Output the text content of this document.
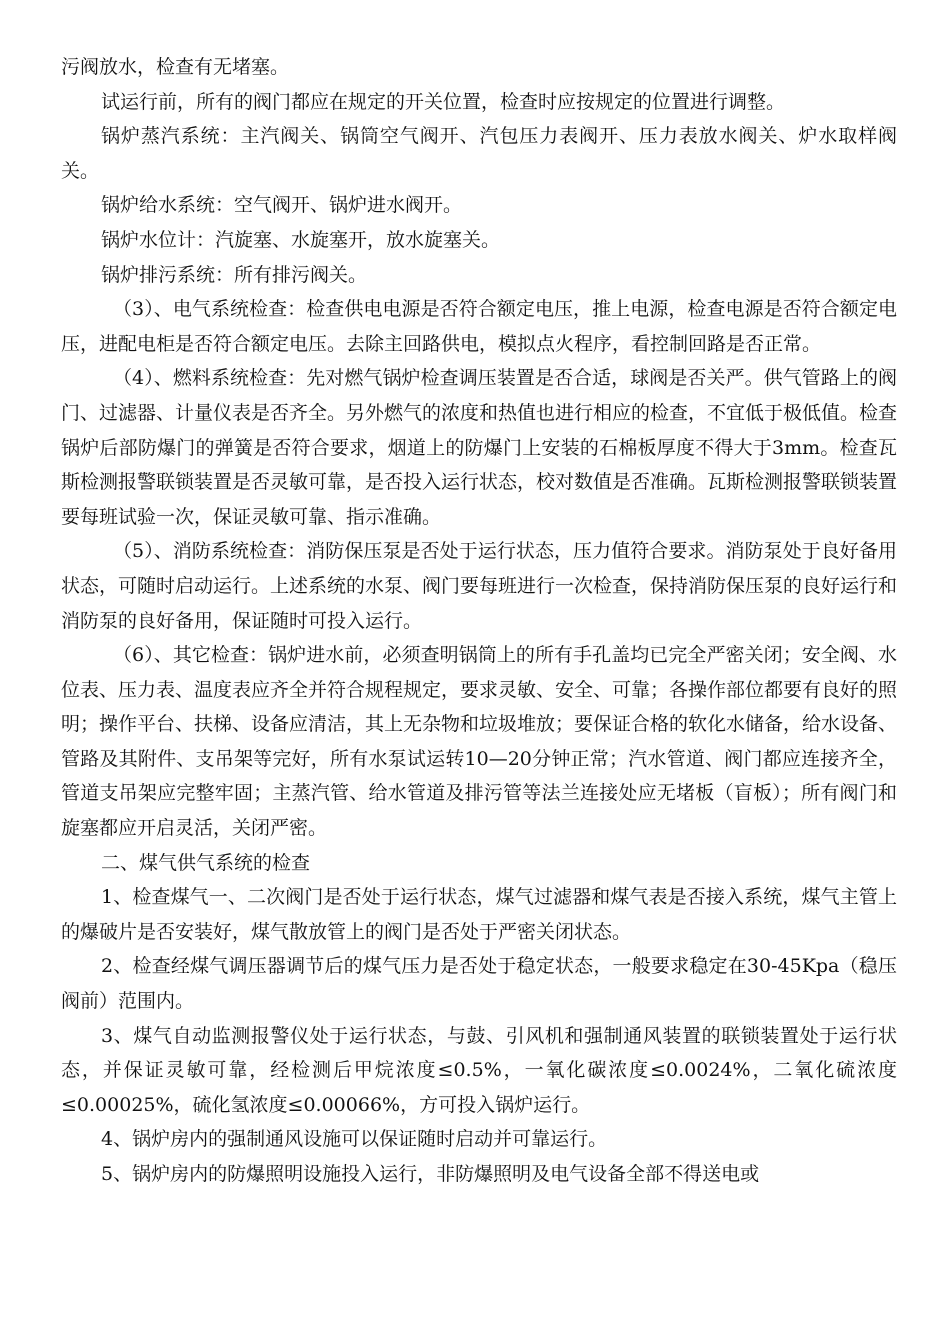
污阀放水，检查有无堵塞。

试运行前，所有的阀门都应在规定的开关位置，检查时应按规定的位置进行调整。

锅炉蒸汽系统：主汽阀关、锅筒空气阀开、汽包压力表阀开、压力表放水阀关、炉水取样阀关。

锅炉给水系统：空气阀开、锅炉进水阀开。

锅炉水位计：汽旋塞、水旋塞开，放水旋塞关。

锅炉排污系统：所有排污阀关。

（3）、电气系统检查：检查供电电源是否符合额定电压，推上电源，检查电源是否符合额定电压，进配电柜是否符合额定电压。去除主回路供电，模拟点火程序，看控制回路是否正常。

（4）、燃料系统检查：先对燃气锅炉检查调压装置是否合适，球阀是否关严。供气管路上的阀门、过滤器、计量仪表是否齐全。另外燃气的浓度和热值也进行相应的检查，不宜低于极低值。检查锅炉后部防爆门的弹簧是否符合要求，烟道上的防爆门上安装的石棉板厚度不得大于3mm。检查瓦斯检测报警联锁装置是否灵敏可靠，是否投入运行状态，校对数值是否准确。瓦斯检测报警联锁装置要每班试验一次，保证灵敏可靠、指示准确。

（5）、消防系统检查：消防保压泵是否处于运行状态，压力值符合要求。消防泵处于良好备用状态，可随时启动运行。上述系统的水泵、阀门要每班进行一次检查，保持消防保压泵的良好运行和消防泵的良好备用，保证随时可投入运行。

（6）、其它检查：锅炉进水前，必须查明锅筒上的所有手孔盖均已完全严密关闭；安全阀、水位表、压力表、温度表应齐全并符合规程规定，要求灵敏、安全、可靠；各操作部位都要有良好的照明；操作平台、扶梯、设备应清洁，其上无杂物和垃圾堆放；要保证合格的软化水储备，给水设备、管路及其附件、支吊架等完好，所有水泵试运转10—20分钟正常；汽水管道、阀门都应连接齐全，管道支吊架应完整牢固；主蒸汽管、给水管道及排污管等法兰连接处应无堵板（盲板）；所有阀门和旋塞都应开启灵活，关闭严密。

二、煤气供气系统的检查

1、检查煤气一、二次阀门是否处于运行状态，煤气过滤器和煤气表是否接入系统，煤气主管上的爆破片是否安装好，煤气散放管上的阀门是否处于严密关闭状态。

2、检查经煤气调压器调节后的煤气压力是否处于稳定状态，一般要求稳定在30-45Kpa（稳压阀前）范围内。

3、煤气自动监测报警仪处于运行状态，与鼓、引风机和强制通风装置的联锁装置处于运行状态，并保证灵敏可靠，经检测后甲烷浓度≤0.5%，一氧化碳浓度≤0.0024%，二氧化硫浓度≤0.00025%，硫化氢浓度≤0.00066%，方可投入锅炉运行。

4、锅炉房内的强制通风设施可以保证随时启动并可靠运行。

5、锅炉房内的防爆照明设施投入运行，非防爆照明及电气设备全部不得送电或
